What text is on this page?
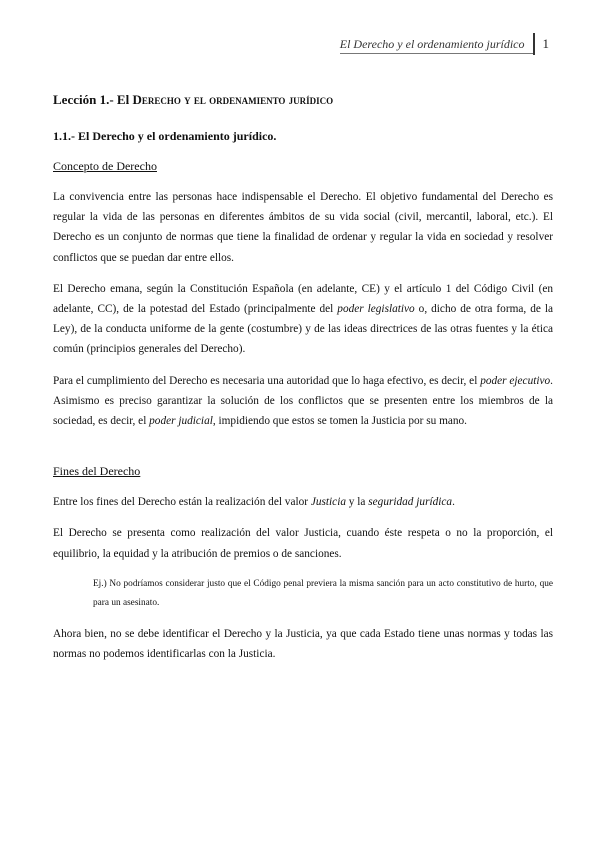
El Derecho y el ordenamiento jurídico	1
Lección 1.- El Derecho y el ordenamiento jurídico
1.1.- El Derecho y el ordenamiento jurídico.
Concepto de Derecho

La convivencia entre las personas hace indispensable el Derecho. El objetivo fundamental del Derecho es regular la vida de las personas en diferentes ámbitos de su vida social (civil, mercantil, laboral, etc.). El Derecho es un conjunto de normas que tiene la finalidad de ordenar y regular la vida en sociedad y resolver conflictos que se puedan dar entre ellos.

El Derecho emana, según la Constitución Española (en adelante, CE) y el artículo 1 del Código Civil (en adelante, CC), de la potestad del Estado (principalmente del poder legislativo o, dicho de otra forma, de la Ley), de la conducta uniforme de la gente (costumbre) y de las ideas directrices de las otras fuentes y la ética común (principios generales del Derecho).

Para el cumplimiento del Derecho es necesaria una autoridad que lo haga efectivo, es decir, el poder ejecutivo. Asimismo es preciso garantizar la solución de los conflictos que se presenten entre los miembros de la sociedad, es decir, el poder judicial, impidiendo que estos se tomen la Justicia por su mano.

Fines del Derecho

Entre los fines del Derecho están la realización del valor Justicia y la seguridad jurídica.

El Derecho se presenta como realización del valor Justicia, cuando éste respeta o no la proporción, el equilibrio, la equidad y la atribución de premios o de sanciones.

Ej.) No podríamos considerar justo que el Código penal previera la misma sanción para un acto constitutivo de hurto, que para un asesinato.

Ahora bien, no se debe identificar el Derecho y la Justicia, ya que cada Estado tiene unas normas y todas las normas no podemos identificarlas con la Justicia.
